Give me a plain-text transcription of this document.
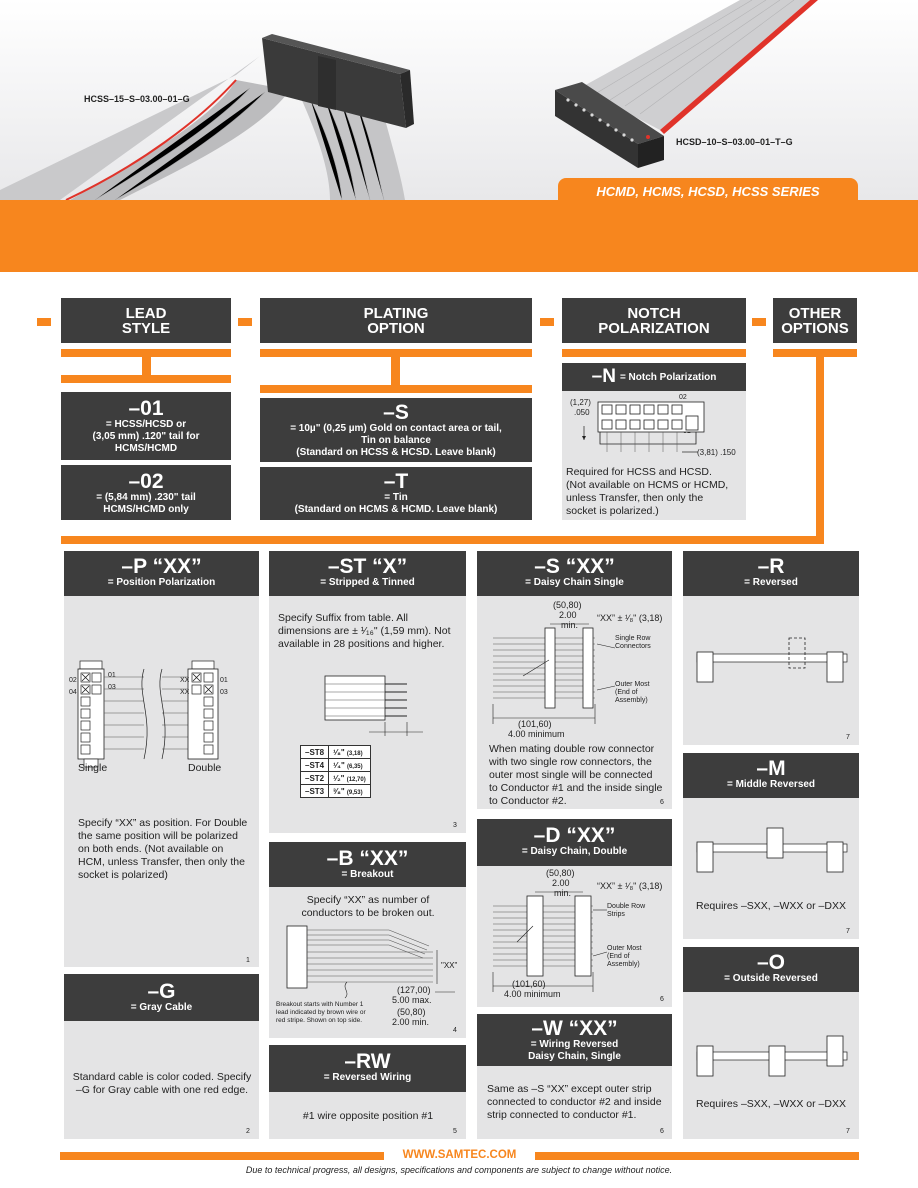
HCSS–15–S–03.00–01–G
HCSD–10–S–03.00–01–T–G
HCMD, HCMS, HCSD, HCSS SERIES
LEAD
STYLE
PLATING
OPTION
NOTCH
POLARIZATION
OTHER
OPTIONS
–01
= HCSS/HCSD or
(3,05 mm) .120" tail for
HCMS/HCMD
–02
= (5,84 mm) .230" tail
HCMS/HCMD only
–S
= 10µ" (0,25 µm) Gold on contact area or tail,
Tin on balance
(Standard on HCSS & HCSD. Leave blank)
–T
= Tin
(Standard on HCMS & HCMD. Leave blank)
–N = Notch Polarization
(1,27)
.050
02
(3,81) .150
Required for HCSS and HCSD.
(Not available on HCMS or HCMD,
unless Transfer, then only the
socket is polarized.)
–P “XX”
= Position Polarization
02
04
01
03
XX
XX
01
03
Single	Double
Specify “XX” as position. For Double
the same position will be polarized
on both ends. (Not available on
HCM, unless Transfer, then only the
socket is polarized)
1
–G
= Gray Cable
Standard cable is color coded. Specify
–G for Gray cable with one red edge.
2
–ST “X”
= Stripped & Tinned
Specify Suffix from table. All
dimensions are ± ¹⁄₁₆" (1,59 mm). Not
available in 28 positions and higher.
–ST8	¹⁄₈" (3,18)
–ST4	¹⁄₄" (6,35)
–ST2	¹⁄₂" (12,70)
–ST3	³⁄₈" (9,53)
3
–B “XX”
= Breakout
Specify “XX” as number of
conductors to be broken out.
"XX"
(127,00)
5.00 max.
(50,80)
2.00 min.
Breakout starts with Number 1
lead indicated by brown wire or
red stripe. Shown on top side.
4
–RW
= Reversed Wiring
#1 wire opposite position #1
5
–S “XX”
= Daisy Chain Single
(50,80)
2.00
min.
“XX” ± ¹⁄₈" (3,18)
Single Row
Connectors
Outer Most
(End of
Assembly)
(101,60)
4.00 minimum
When mating double row connector
with two single row connectors, the
outer most single will be connected
to Conductor #1 and the inside single
to Conductor #2.	6
–D “XX”
= Daisy Chain, Double
(50,80)
2.00
min.
“XX” ± ¹⁄₈" (3,18)
Double Row
Strips
Outer Most
(End of
Assembly)
(101,60)
4.00 minimum
6
–W “XX”
= Wiring Reversed
Daisy Chain, Single
Same as –S “XX” except outer strip
connected to conductor #2 and inside
strip connected to conductor #1.
6
–R
= Reversed
7
–M
= Middle Reversed
Requires –SXX, –WXX or –DXX
7
–O
= Outside Reversed
Requires –SXX, –WXX or –DXX
7
WWW.SAMTEC.COM
Due to technical progress, all designs, specifications and components are subject to change without notice.
